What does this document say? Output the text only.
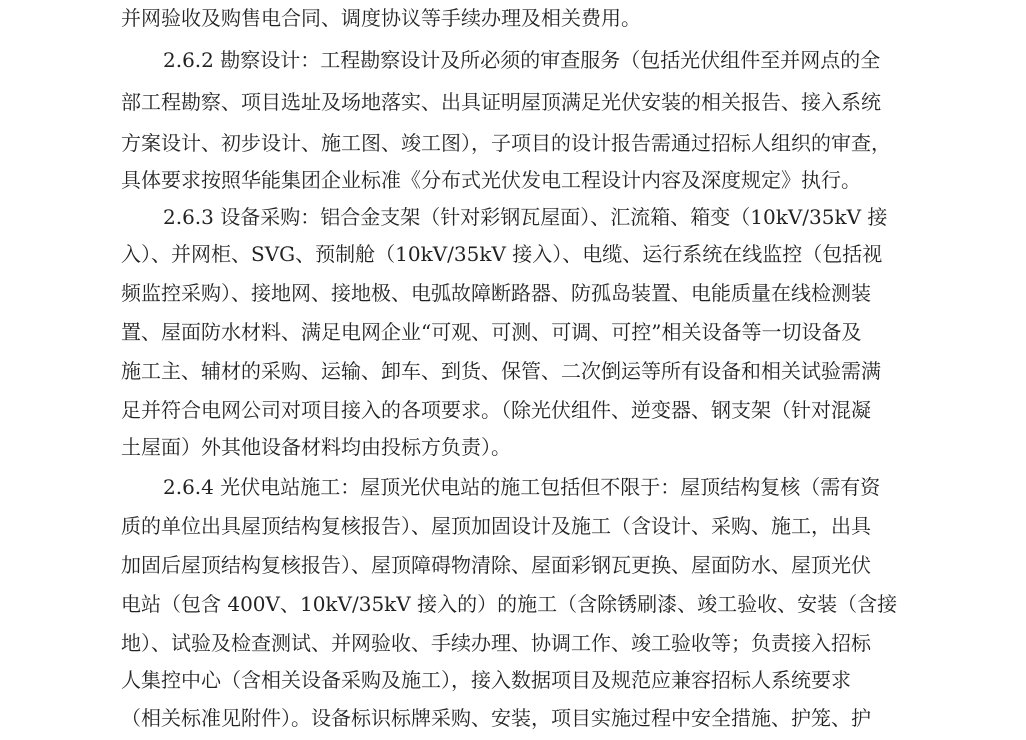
并网验收及购售电合同、调度协议等手续办理及相关费用。
2.6.2 勘察设计：工程勘察设计及所必须的审查服务（包括光伏组件至并网点的全
部工程勘察、项目选址及场地落实、出具证明屋顶满足光伏安装的相关报告、接入系统
方案设计、初步设计、施工图、竣工图），子项目的设计报告需通过招标人组织的审查，
具体要求按照华能集团企业标准《分布式光伏发电工程设计内容及深度规定》执行。
2.6.3 设备采购：铝合金支架（针对彩钢瓦屋面）、汇流箱、箱变（10kV/35kV 接
入）、并网柜、SVG、预制舱（10kV/35kV 接入）、电缆、运行系统在线监控（包括视
频监控采购）、接地网、接地极、电弧故障断路器、防孤岛装置、电能质量在线检测装
置、屋面防水材料、满足电网企业“可观、可测、可调、可控”相关设备等一切设备及
施工主、辅材的采购、运输、卸车、到货、保管、二次倒运等所有设备和相关试验需满
足并符合电网公司对项目接入的各项要求。（除光伏组件、逆变器、钢支架（针对混凝
土屋面）外其他设备材料均由投标方负责）。
2.6.4 光伏电站施工：屋顶光伏电站的施工包括但不限于：屋顶结构复核（需有资
质的单位出具屋顶结构复核报告）、屋顶加固设计及施工（含设计、采购、施工，出具
加固后屋顶结构复核报告）、屋顶障碍物清除、屋面彩钢瓦更换、屋面防水、屋顶光伏
电站（包含 400V、10kV/35kV 接入的）的施工（含除锈刷漆、竣工验收、安装（含接
地）、试验及检查测试、并网验收、手续办理、协调工作、竣工验收等；负责接入招标
人集控中心（含相关设备采购及施工），接入数据项目及规范应兼容招标人系统要求
（相关标准见附件）。设备标识标牌采购、安装，项目实施过程中安全措施、护笼、护
